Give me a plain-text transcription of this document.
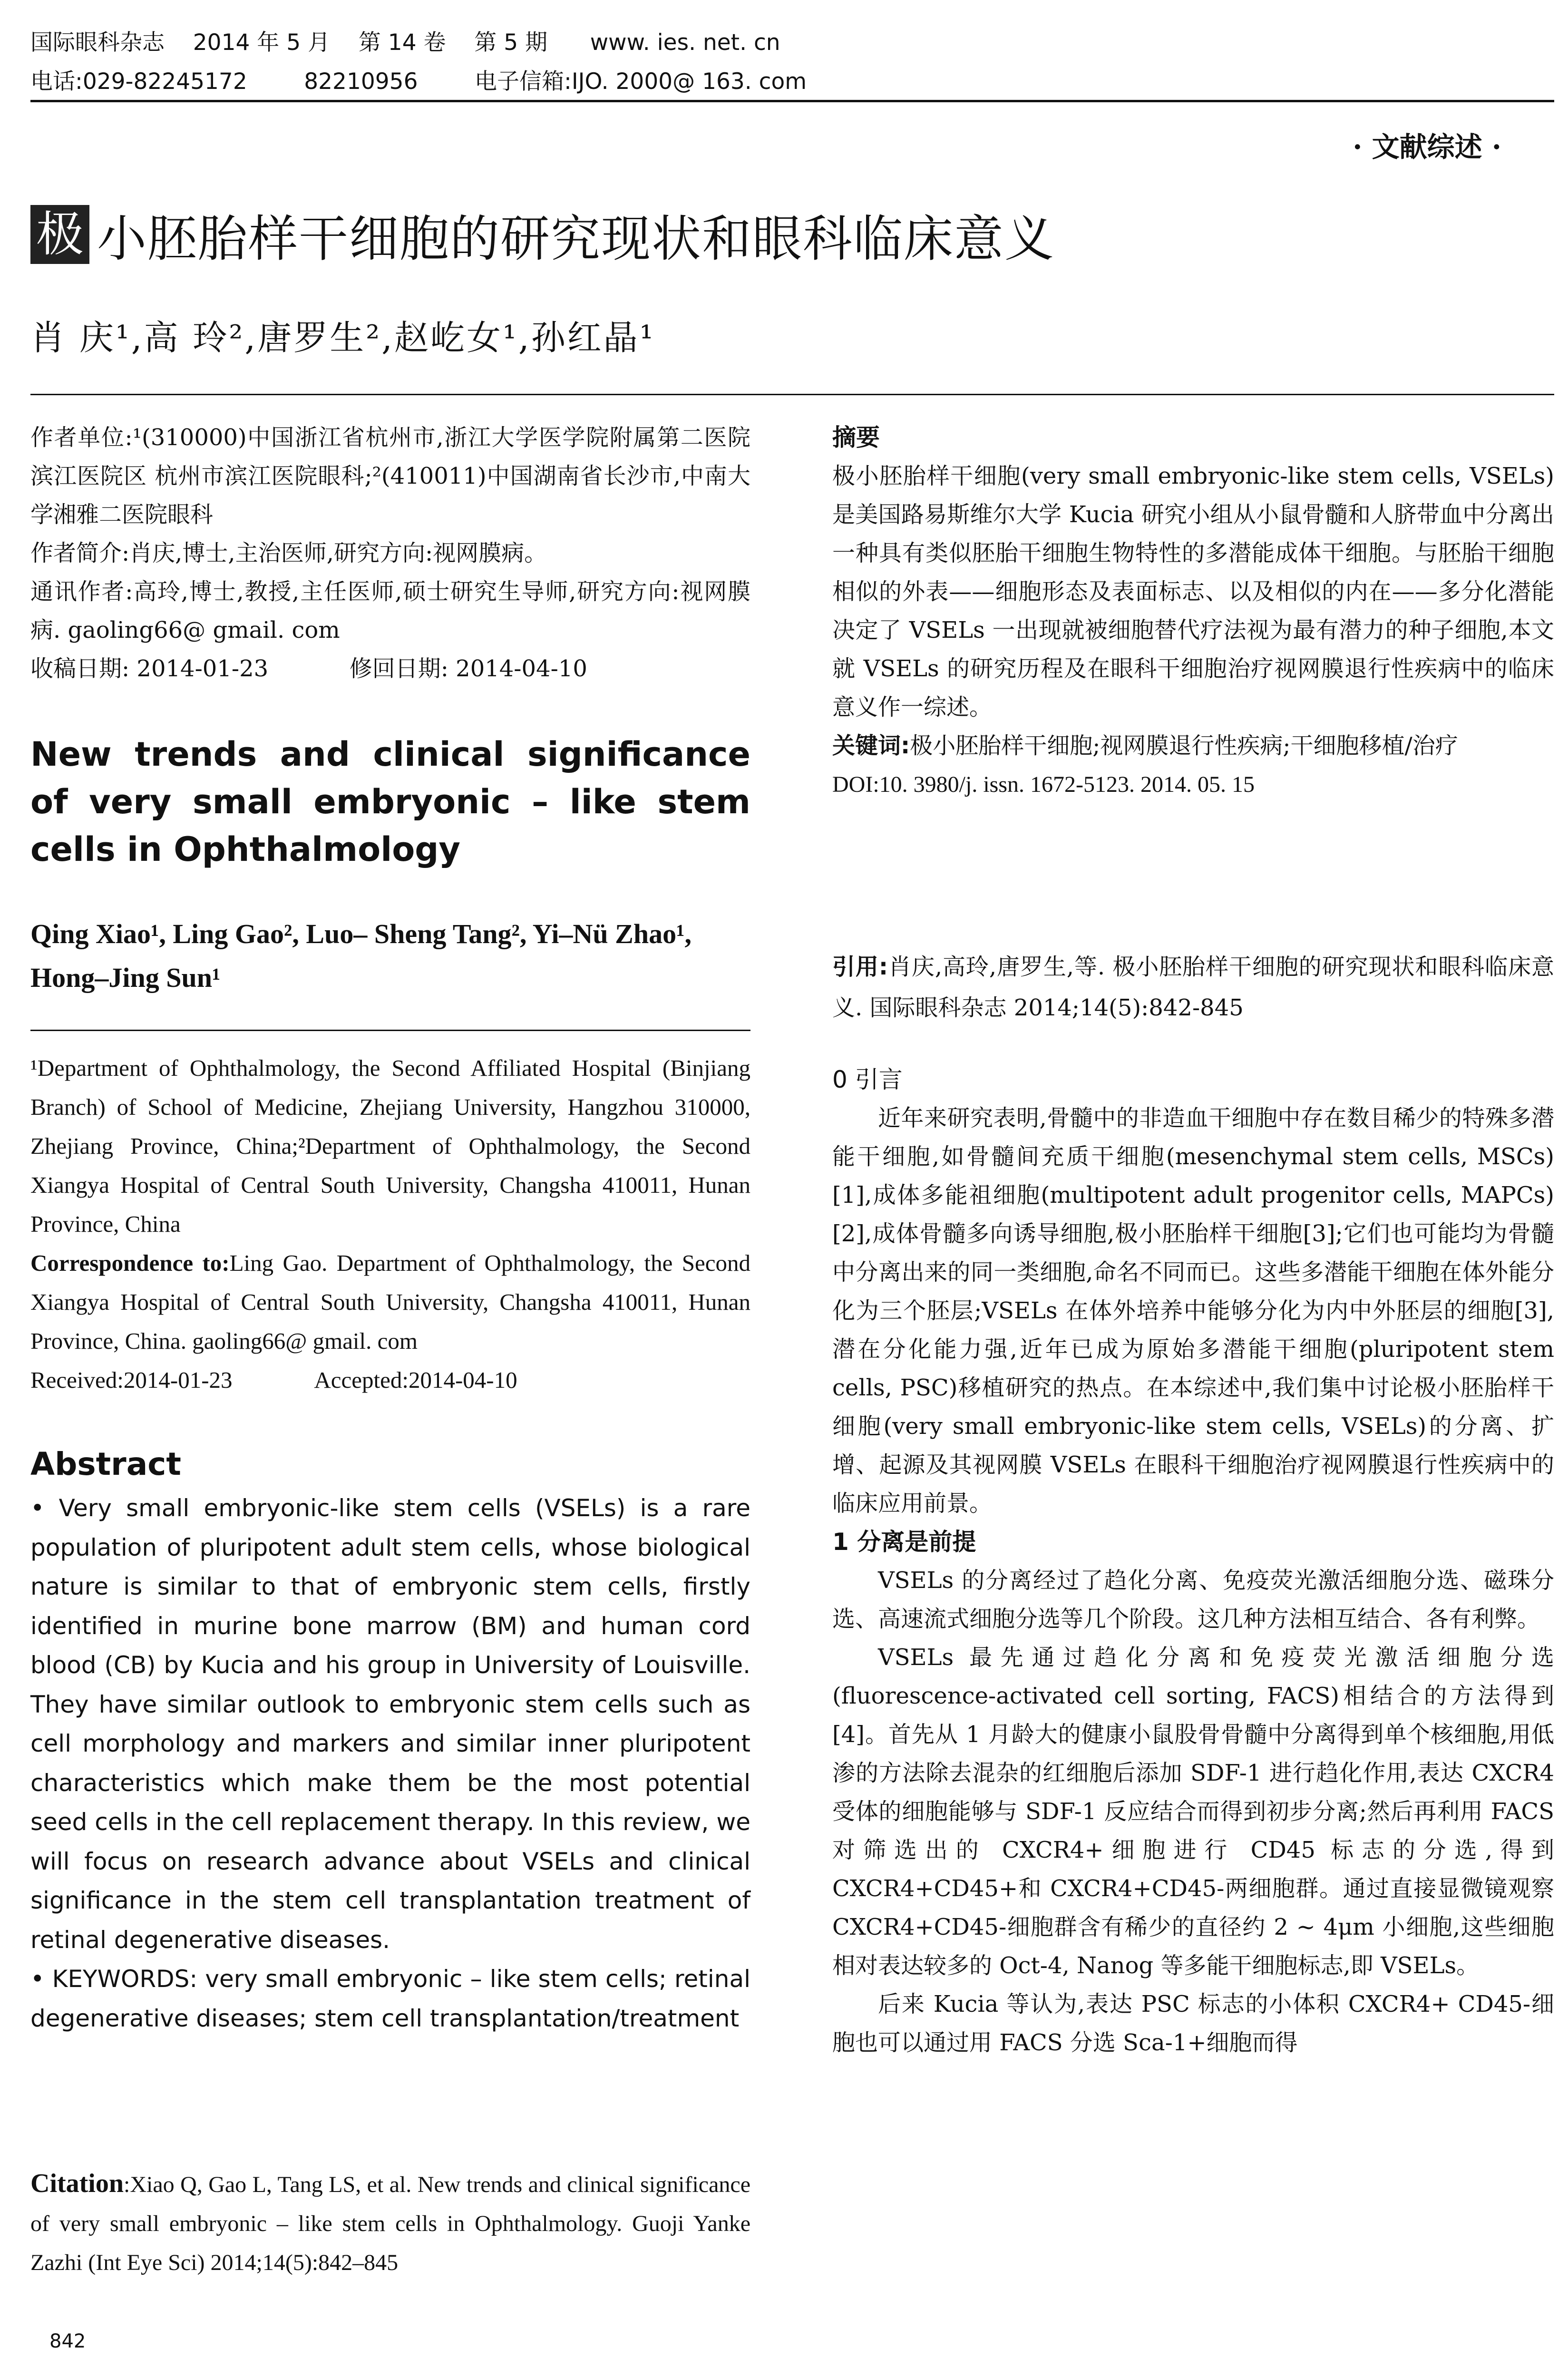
国际眼科杂志    2014 年 5 月    第 14 卷    第 5 期      www. ies. net. cn
电话:029-82245172        82210956        电子信箱:IJO. 2000@ 163. com
· 文献综述 ·
极 小胚胎样干细胞的研究现状和眼科临床意义
肖 庆¹,高 玲²,唐罗生²,赵屹女¹,孙红晶¹

作者单位:¹(310000)中国浙江省杭州市,浙江大学医学院附属第二医院滨江医院区 杭州市滨江医院眼科;²(410011)中国湖南省长沙市,中南大学湘雅二医院眼科

作者简介:肖庆,博士,主治医师,研究方向:视网膜病。

通讯作者:高玲,博士,教授,主任医师,硕士研究生导师,研究方向:视网膜病. gaoling66@ gmail. com

收稿日期: 2014-01-23	修回日期: 2014-04-10

New trends and clinical significance of very small embryonic – like stem cells in Ophthalmology
Qing Xiao¹, Ling Gao², Luo– Sheng Tang², Yi–Nü Zhao¹, Hong–Jing Sun¹

¹Department of Ophthalmology, the Second Affiliated Hospital (Binjiang Branch) of School of Medicine, Zhejiang University, Hangzhou 310000, Zhejiang Province, China;²Department of Ophthalmology, the Second Xiangya Hospital of Central South University, Changsha 410011, Hunan Province, China

Correspondence to:Ling Gao. Department of Ophthalmology, the Second Xiangya Hospital of Central South University, Changsha 410011, Hunan Province, China. gaoling66@ gmail. com

Received:2014-01-23	Accepted:2014-04-10

Abstract

• Very small embryonic-like stem cells (VSELs) is a rare population of pluripotent adult stem cells, whose biological nature is similar to that of embryonic stem cells, firstly identified in murine bone marrow (BM) and human cord blood (CB) by Kucia and his group in University of Louisville. They have similar outlook to embryonic stem cells such as cell morphology and markers and similar inner pluripotent characteristics which make them be the most potential seed cells in the cell replacement therapy. In this review, we will focus on research advance about VSELs and clinical significance in the stem cell transplantation treatment of retinal degenerative diseases.

• KEYWORDS: very small embryonic – like stem cells; retinal degenerative diseases; stem cell transplantation/treatment

Citation:Xiao Q, Gao L, Tang LS, et al. New trends and clinical significance of very small embryonic – like stem cells in Ophthalmology. Guoji Yanke Zazhi (Int Eye Sci) 2014;14(5):842–845
842

摘要

极小胚胎样干细胞(very small embryonic-like stem cells, VSELs)是美国路易斯维尔大学 Kucia 研究小组从小鼠骨髓和人脐带血中分离出一种具有类似胚胎干细胞生物特性的多潜能成体干细胞。与胚胎干细胞相似的外表——细胞形态及表面标志、以及相似的内在——多分化潜能决定了 VSELs 一出现就被细胞替代疗法视为最有潜力的种子细胞,本文就 VSELs 的研究历程及在眼科干细胞治疗视网膜退行性疾病中的临床意义作一综述。

关键词:极小胚胎样干细胞;视网膜退行性疾病;干细胞移植/治疗

DOI:10. 3980/j. issn. 1672-5123. 2014. 05. 15

引用:肖庆,高玲,唐罗生,等. 极小胚胎样干细胞的研究现状和眼科临床意义. 国际眼科杂志 2014;14(5):842-845

0 引言

近年来研究表明,骨髓中的非造血干细胞中存在数目稀少的特殊多潜能干细胞,如骨髓间充质干细胞(mesenchymal stem cells, MSCs)[1],成体多能祖细胞(multipotent adult progenitor cells, MAPCs)[2],成体骨髓多向诱导细胞,极小胚胎样干细胞[3];它们也可能均为骨髓中分离出来的同一类细胞,命名不同而已。这些多潜能干细胞在体外能分化为三个胚层;VSELs 在体外培养中能够分化为内中外胚层的细胞[3],潜在分化能力强,近年已成为原始多潜能干细胞(pluripotent stem cells, PSC)移植研究的热点。在本综述中,我们集中讨论极小胚胎样干细胞(very small embryonic-like stem cells, VSELs)的分离、扩增、起源及其视网膜 VSELs 在眼科干细胞治疗视网膜退行性疾病中的临床应用前景。

1 分离是前提

VSELs 的分离经过了趋化分离、免疫荧光激活细胞分选、磁珠分选、高速流式细胞分选等几个阶段。这几种方法相互结合、各有利弊。

VSELs 最先通过趋化分离和免疫荧光激活细胞分选(fluorescence-activated cell sorting, FACS)相结合的方法得到[4]。首先从 1 月龄大的健康小鼠股骨骨髓中分离得到单个核细胞,用低渗的方法除去混杂的红细胞后添加 SDF-1 进行趋化作用,表达 CXCR4 受体的细胞能够与 SDF-1 反应结合而得到初步分离;然后再利用 FACS 对筛选出的 CXCR4+细胞进行 CD45 标志的分选,得到 CXCR4+CD45+和 CXCR4+CD45-两细胞群。通过直接显微镜观察 CXCR4+CD45-细胞群含有稀少的直径约 2 ~ 4μm 小细胞,这些细胞相对表达较多的 Oct-4, Nanog 等多能干细胞标志,即 VSELs。

后来 Kucia 等认为,表达 PSC 标志的小体积 CXCR4+ CD45-细胞也可以通过用 FACS 分选 Sca-1+细胞而得
